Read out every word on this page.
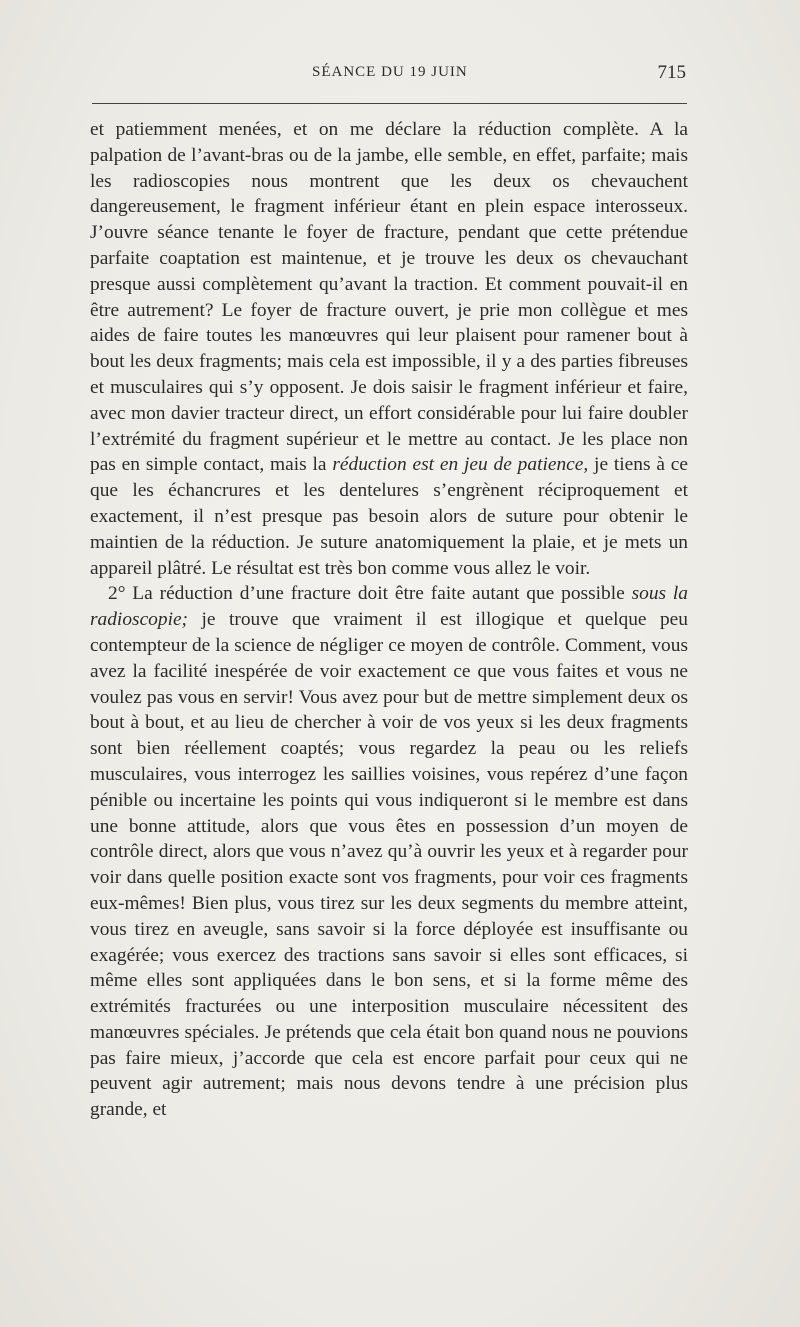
SÉANCE DU 19 JUIN	715

et patiemment menées, et on me déclare la réduction complète. A la palpation de l’avant-bras ou de la jambe, elle semble, en effet, parfaite; mais les radioscopies nous montrent que les deux os chevauchent dangereusement, le fragment inférieur étant en plein espace interosseux. J’ouvre séance tenante le foyer de fracture, pendant que cette prétendue parfaite coaptation est maintenue, et je trouve les deux os chevauchant presque aussi complètement qu’avant la traction. Et comment pouvait-il en être autrement? Le foyer de fracture ouvert, je prie mon collègue et mes aides de faire toutes les manœuvres qui leur plaisent pour ramener bout à bout les deux fragments; mais cela est impossible, il y a des parties fibreuses et musculaires qui s’y opposent. Je dois saisir le fragment inférieur et faire, avec mon davier tracteur direct, un effort considérable pour lui faire doubler l’extrémité du fragment supérieur et le mettre au contact. Je les place non pas en simple contact, mais la réduction est en jeu de patience, je tiens à ce que les échancrures et les dentelures s’engrènent réciproquement et exactement, il n’est presque pas besoin alors de suture pour obtenir le maintien de la réduction. Je suture anatomiquement la plaie, et je mets un appareil plâtré. Le résultat est très bon comme vous allez le voir.

2° La réduction d’une fracture doit être faite autant que possible sous la radioscopie; je trouve que vraiment il est illogique et quelque peu contempteur de la science de négliger ce moyen de contrôle. Comment, vous avez la facilité inespérée de voir exactement ce que vous faites et vous ne voulez pas vous en servir! Vous avez pour but de mettre simplement deux os bout à bout, et au lieu de chercher à voir de vos yeux si les deux fragments sont bien réellement coaptés; vous regardez la peau ou les reliefs musculaires, vous interrogez les saillies voisines, vous repérez d’une façon pénible ou incertaine les points qui vous indiqueront si le membre est dans une bonne attitude, alors que vous êtes en possession d’un moyen de contrôle direct, alors que vous n’avez qu’à ouvrir les yeux et à regarder pour voir dans quelle position exacte sont vos fragments, pour voir ces fragments eux-mêmes! Bien plus, vous tirez sur les deux segments du membre atteint, vous tirez en aveugle, sans savoir si la force déployée est insuffisante ou exagérée; vous exercez des tractions sans savoir si elles sont efficaces, si même elles sont appliquées dans le bon sens, et si la forme même des extrémités fracturées ou une interposition musculaire nécessitent des manœuvres spéciales. Je prétends que cela était bon quand nous ne pouvions pas faire mieux, j’accorde que cela est encore parfait pour ceux qui ne peuvent agir autrement; mais nous devons tendre à une précision plus grande, et
